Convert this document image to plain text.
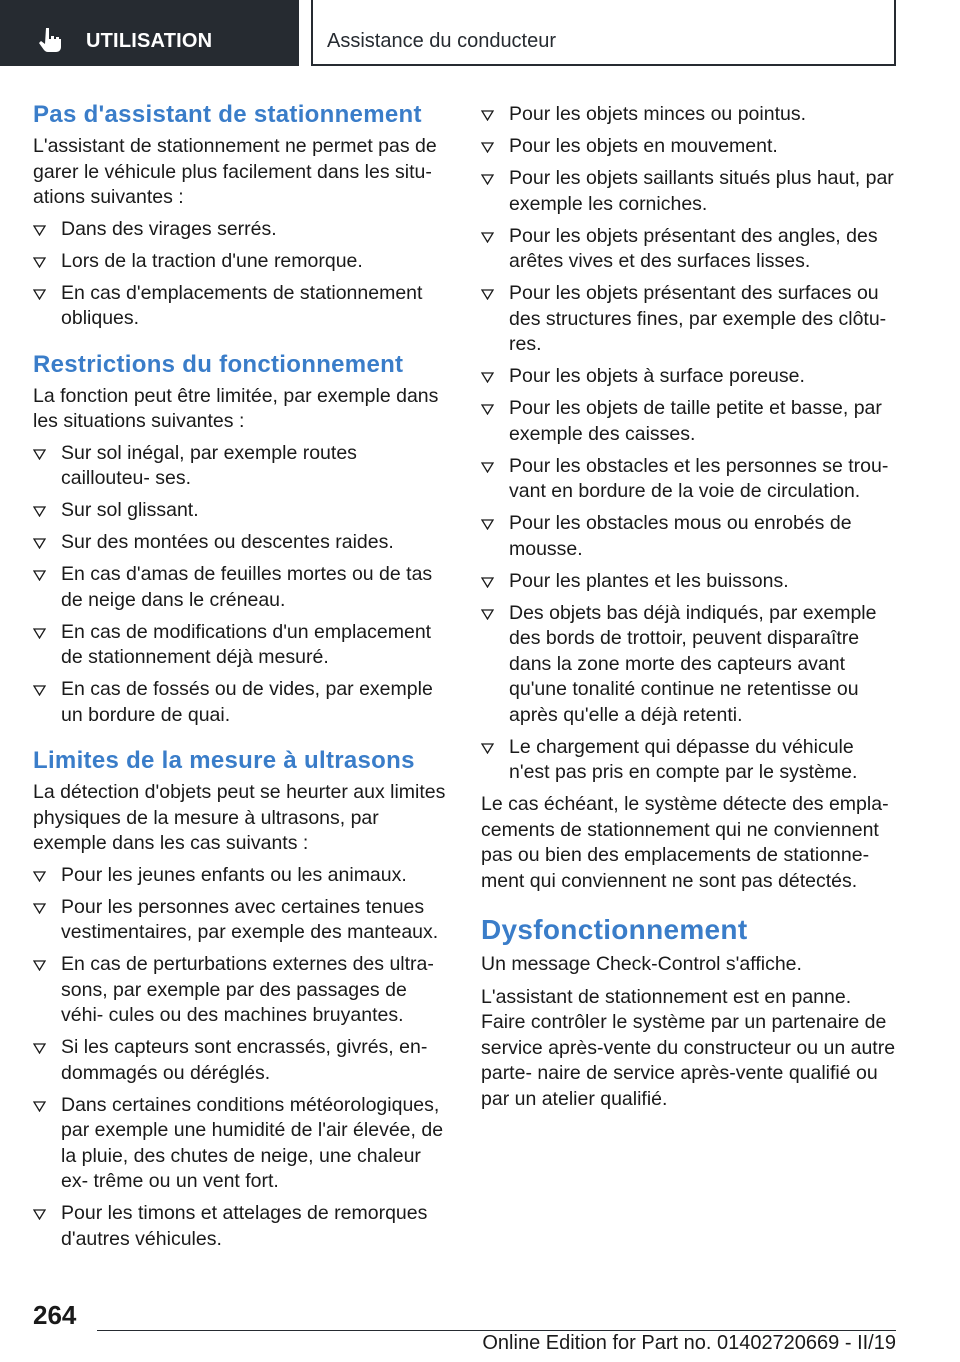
UTILISATION	Assistance du conducteur
Pas d'assistant de stationnement

L'assistant de stationnement ne permet pas de garer le véhicule plus facilement dans les situ‐ ations suivantes :

Dans des virages serrés.
Lors de la traction d'une remorque.
En cas d'emplacements de stationnement obliques.
Restrictions du fonctionnement

La fonction peut être limitée, par exemple dans les situations suivantes :

Sur sol inégal, par exemple routes caillouteu‐ ses.
Sur sol glissant.
Sur des montées ou descentes raides.
En cas d'amas de feuilles mortes ou de tas de neige dans le créneau.
En cas de modifications d'un emplacement de stationnement déjà mesuré.
En cas de fossés ou de vides, par exemple un bordure de quai.
Limites de la mesure à ultrasons

La détection d'objets peut se heurter aux limites physiques de la mesure à ultrasons, par exemple dans les cas suivants :

Pour les jeunes enfants ou les animaux.
Pour les personnes avec certaines tenues vestimentaires, par exemple des manteaux.
En cas de perturbations externes des ultra‐ sons, par exemple par des passages de véhi‐ cules ou des machines bruyantes.
Si les capteurs sont encrassés, givrés, en‐ dommagés ou déréglés.
Dans certaines conditions météorologiques, par exemple une humidité de l'air élevée, de la pluie, des chutes de neige, une chaleur ex‐ trême ou un vent fort.
Pour les timons et attelages de remorques d'autres véhicules.
Pour les objets minces ou pointus.
Pour les objets en mouvement.
Pour les objets saillants situés plus haut, par exemple les corniches.
Pour les objets présentant des angles, des arêtes vives et des surfaces lisses.
Pour les objets présentant des surfaces ou des structures fines, par exemple des clôtu‐ res.
Pour les objets à surface poreuse.
Pour les objets de taille petite et basse, par exemple des caisses.
Pour les obstacles et les personnes se trou‐ vant en bordure de la voie de circulation.
Pour les obstacles mous ou enrobés de mousse.
Pour les plantes et les buissons.
Des objets bas déjà indiqués, par exemple des bords de trottoir, peuvent disparaître dans la zone morte des capteurs avant qu'une tonalité continue ne retentisse ou après qu'elle a déjà retenti.
Le chargement qui dépasse du véhicule n'est pas pris en compte par le système.

Le cas échéant, le système détecte des empla‐ cements de stationnement qui ne conviennent pas ou bien des emplacements de stationne‐ ment qui conviennent ne sont pas détectés.

Dysfonctionnement

Un message Check-Control s'affiche.

L'assistant de stationnement est en panne. Faire contrôler le système par un partenaire de service après-vente du constructeur ou un autre parte‐ naire de service après-vente qualifié ou par un atelier qualifié.

264
Online Edition for Part no. 01402720669 - II/19
